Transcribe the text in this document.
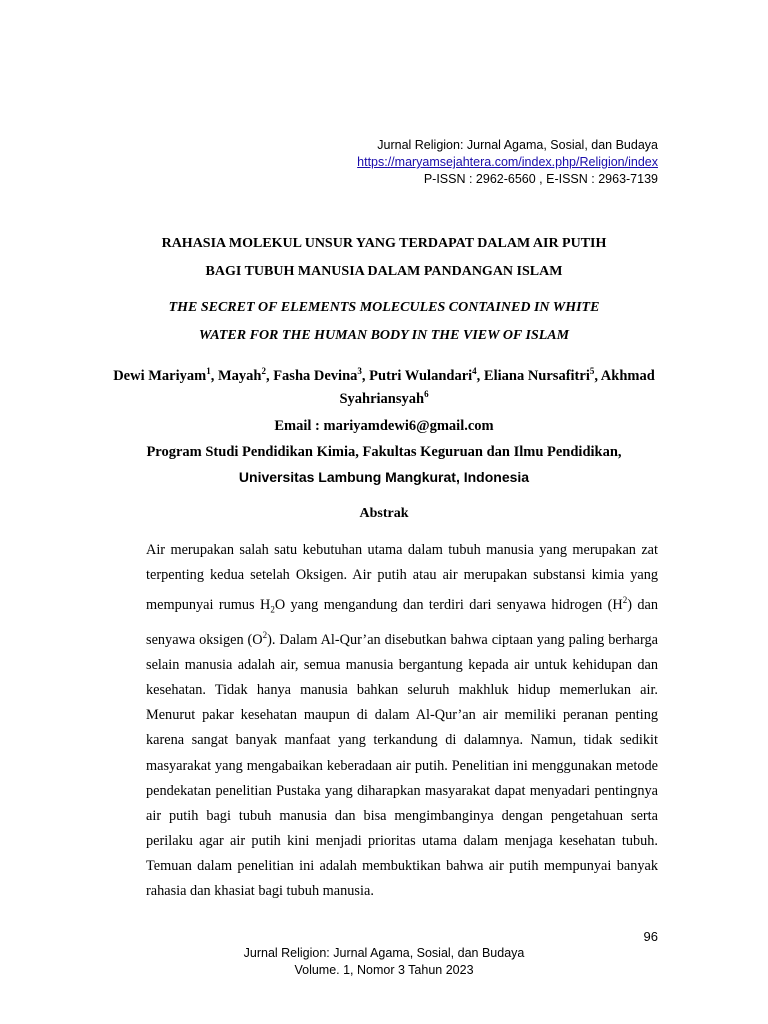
Jurnal Religion: Jurnal Agama, Sosial, dan Budaya
https://maryamsejahtera.com/index.php/Religion/index
P-ISSN : 2962-6560 , E-ISSN : 2963-7139
RAHASIA MOLEKUL UNSUR YANG TERDAPAT DALAM AIR PUTIH
BAGI TUBUH MANUSIA DALAM PANDANGAN ISLAM
THE SECRET OF ELEMENTS MOLECULES CONTAINED IN WHITE
WATER FOR THE HUMAN BODY IN THE VIEW OF ISLAM
Dewi Mariyam$^1$, Mayah$^2$, Fasha Devina$^3$, Putri Wulandari$^4$, Eliana Nursafitri$^5$, Akhmad Syahriansyah$^6$
Email : mariyamdewi6@gmail.com
Program Studi Pendidikan Kimia, Fakultas Keguruan dan Ilmu Pendidikan,
Universitas Lambung Mangkurat, Indonesia
Abstrak

Air merupakan salah satu kebutuhan utama dalam tubuh manusia yang merupakan zat terpenting kedua setelah Oksigen. Air putih atau air merupakan substansi kimia yang mempunyai rumus $H_2O$ yang mengandung dan terdiri dari senyawa hidrogen $(H^2)$ dan senyawa oksigen $(O^2)$. Dalam Al-Qur’an disebutkan bahwa ciptaan yang paling berharga selain manusia adalah air, semua manusia bergantung kepada air untuk kehidupan dan kesehatan. Tidak hanya manusia bahkan seluruh makhluk hidup memerlukan air. Menurut pakar kesehatan maupun di dalam Al-Qur’an air memiliki peranan penting karena sangat banyak manfaat yang terkandung di dalamnya. Namun, tidak sedikit masyarakat yang mengabaikan keberadaan air putih. Penelitian ini menggunakan metode pendekatan penelitian Pustaka yang diharapkan masyarakat dapat menyadari pentingnya air putih bagi tubuh manusia dan bisa mengimbanginya dengan pengetahuan serta perilaku agar air putih kini menjadi prioritas utama dalam menjaga kesehatan tubuh. Temuan dalam penelitian ini adalah membuktikan bahwa air putih mempunyai banyak rahasia dan khasiat bagi tubuh manusia.

96
Jurnal Religion: Jurnal Agama, Sosial, dan Budaya
Volume. 1, Nomor 3 Tahun 2023
